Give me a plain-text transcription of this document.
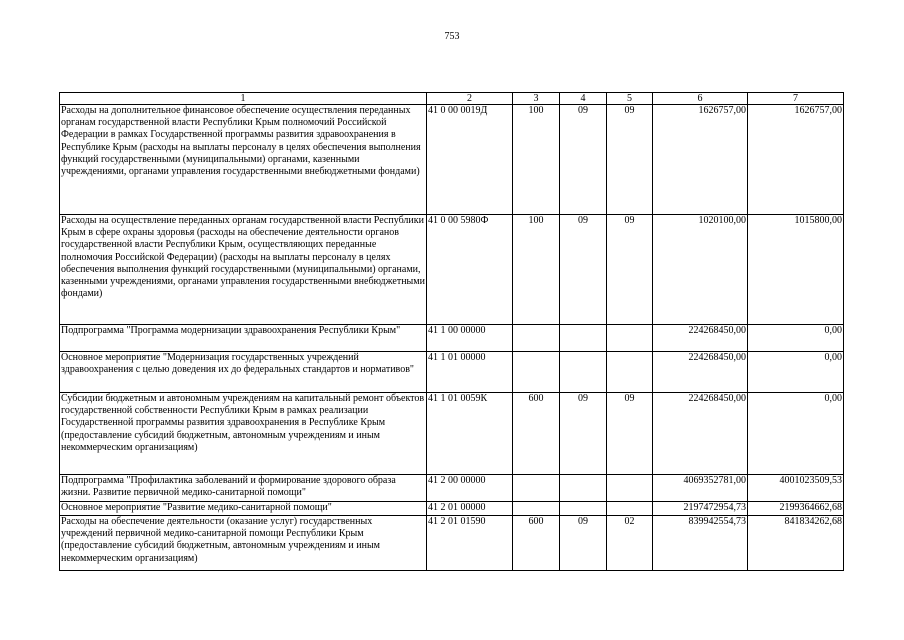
753
1	2	3	4	5	6	7
Расходы на дополнительное финансовое обеспечение осуществления переданных органам государственной власти Республики Крым полномочий Российской Федерации в рамках Государственной программы развития здравоохранения в Республике Крым (расходы на выплаты персоналу в целях обеспечения выполнения функций государственными (муниципальными) органами, казенными учреждениями, органами управления государственными внебюджетными фондами)	41 0 00 0019Д	100	09	09	1626757,00	1626757,00
Расходы на осуществление переданных органам государственной власти Республики Крым в сфере охраны здоровья (расходы на обеспечение деятельности органов государственной власти Республики Крым, осуществляющих переданные полномочия Российской Федерации) (расходы на выплаты персоналу в целях обеспечения выполнения функций государственными (муниципальными) органами, казенными учреждениями, органами управления государственными внебюджетными фондами)	41 0 00 5980Ф	100	09	09	1020100,00	1015800,00
Подпрограмма "Программа модернизации здравоохранения Республики Крым"	41 1 00 00000				224268450,00	0,00
Основное мероприятие "Модернизация государственных учреждений здравоохранения с целью доведения их до федеральных стандартов и нормативов"	41 1 01 00000				224268450,00	0,00
Субсидии бюджетным и автономным учреждениям на капитальный ремонт объектов государственной собственности Республики Крым в рамках реализации Государственной программы развития здравоохранения в Республике Крым (предоставление субсидий бюджетным, автономным учреждениям и иным некоммерческим организациям)	41 1 01 0059К	600	09	09	224268450,00	0,00
Подпрограмма "Профилактика заболеваний и формирование здорового образа жизни. Развитие первичной медико-санитарной помощи"	41 2 00 00000				4069352781,00	4001023509,53
Основное мероприятие "Развитие медико-санитарной помощи"	41 2 01 00000				2197472954,73	2199364662,68
Расходы на обеспечение деятельности (оказание услуг) государственных учреждений первичной медико-санитарной помощи Республики Крым (предоставление субсидий бюджетным, автономным учреждениям и иным некоммерческим организациям)	41 2 01 01590	600	09	02	839942554,73	841834262,68
